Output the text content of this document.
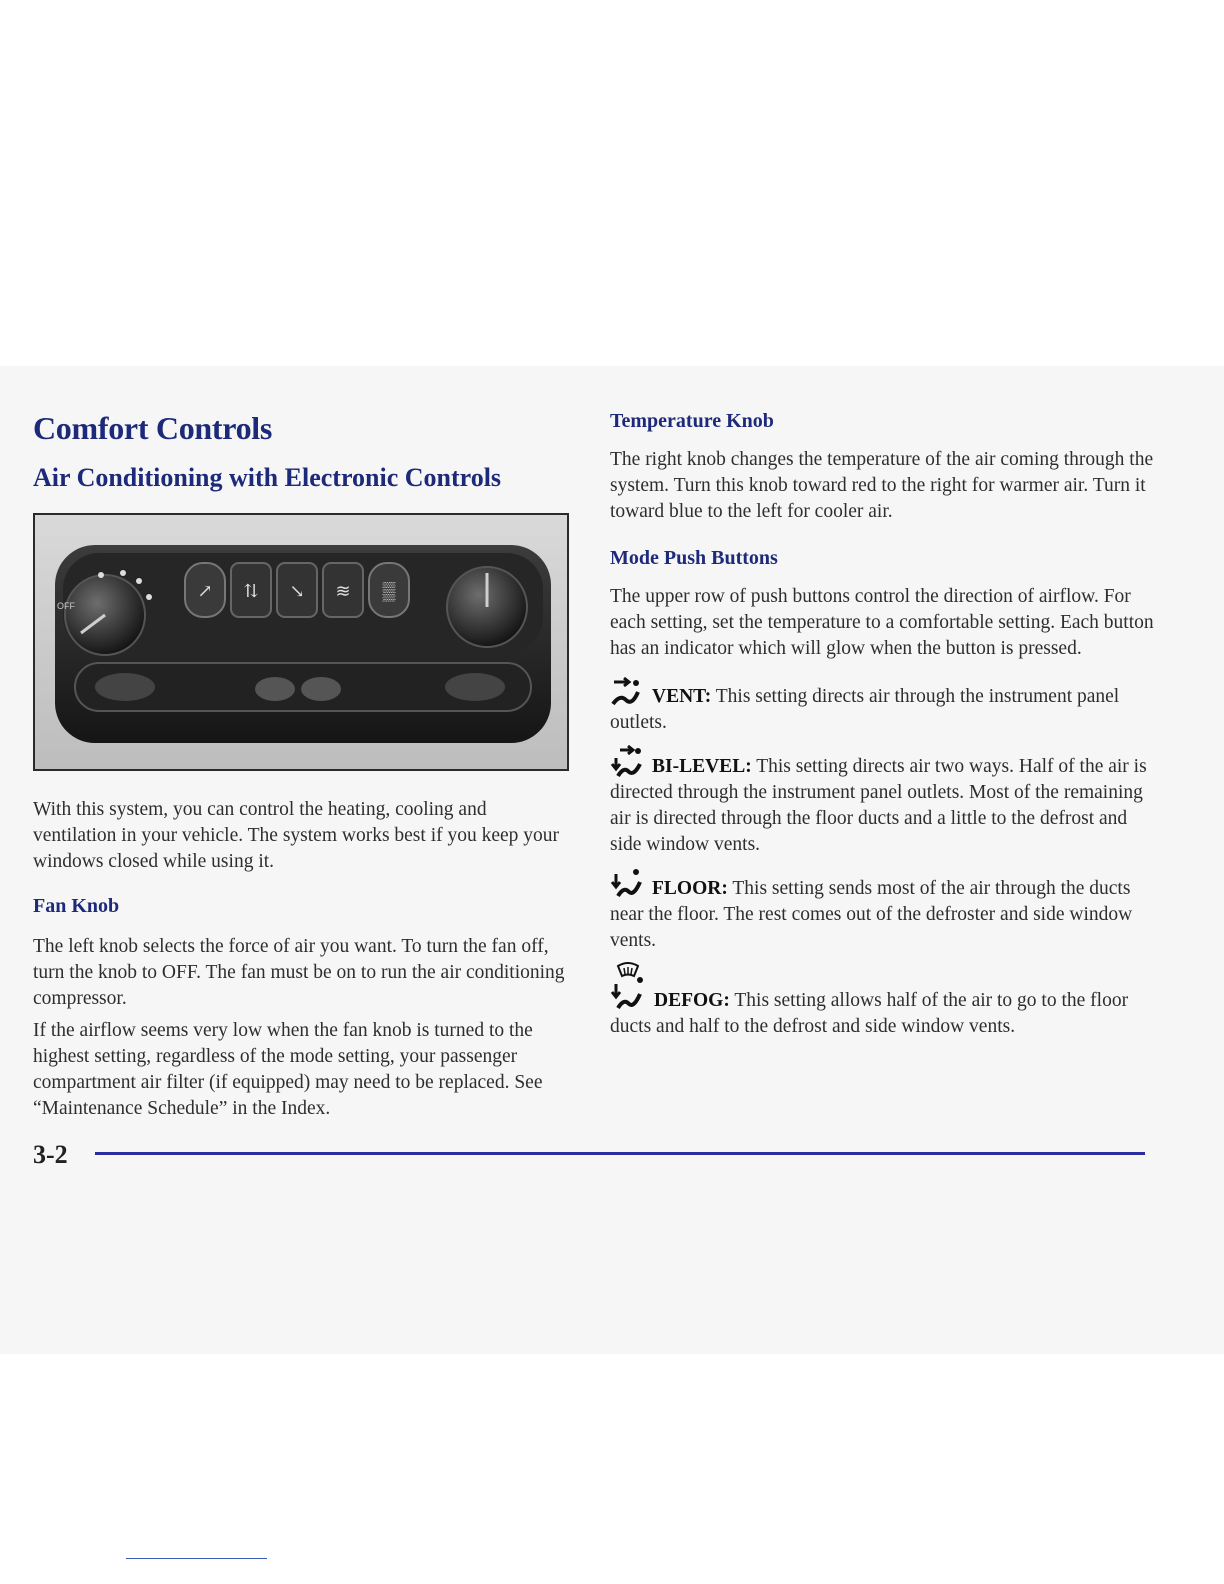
Comfort Controls
Air Conditioning with Electronic Controls
OFF
↗ ⇅ ↘ ≋ ▒

With this system, you can control the heating, cooling and ventilation in your vehicle. The system works best if you keep your windows closed while using it.

Fan Knob

The left knob selects the force of air you want. To turn the fan off, turn the knob to OFF. The fan must be on to run the air conditioning compressor.

If the airflow seems very low when the fan knob is turned to the highest setting, regardless of the mode setting, your passenger compartment air filter (if equipped) may need to be replaced. See “Maintenance Schedule” in the Index.

Temperature Knob

The right knob changes the temperature of the air coming through the system. Turn this knob toward red to the right for warmer air. Turn it toward blue to the left for cooler air.

Mode Push Buttons

The upper row of push buttons control the direction of airflow. For each setting, set the temperature to a comfortable setting. Each button has an indicator which will glow when the button is pressed.

VENT: This setting directs air through the instrument panel outlets.

BI-LEVEL: This setting directs air two ways. Half of the air is directed through the instrument panel outlets. Most of the remaining air is directed through the floor ducts and a little to the defrost and side window vents.

FLOOR: This setting sends most of the air through the ducts near the floor. The rest comes out of the defroster and side window vents.

DEFOG: This setting allows half of the air to go to the floor ducts and half to the defrost and side window vents.

3-2
